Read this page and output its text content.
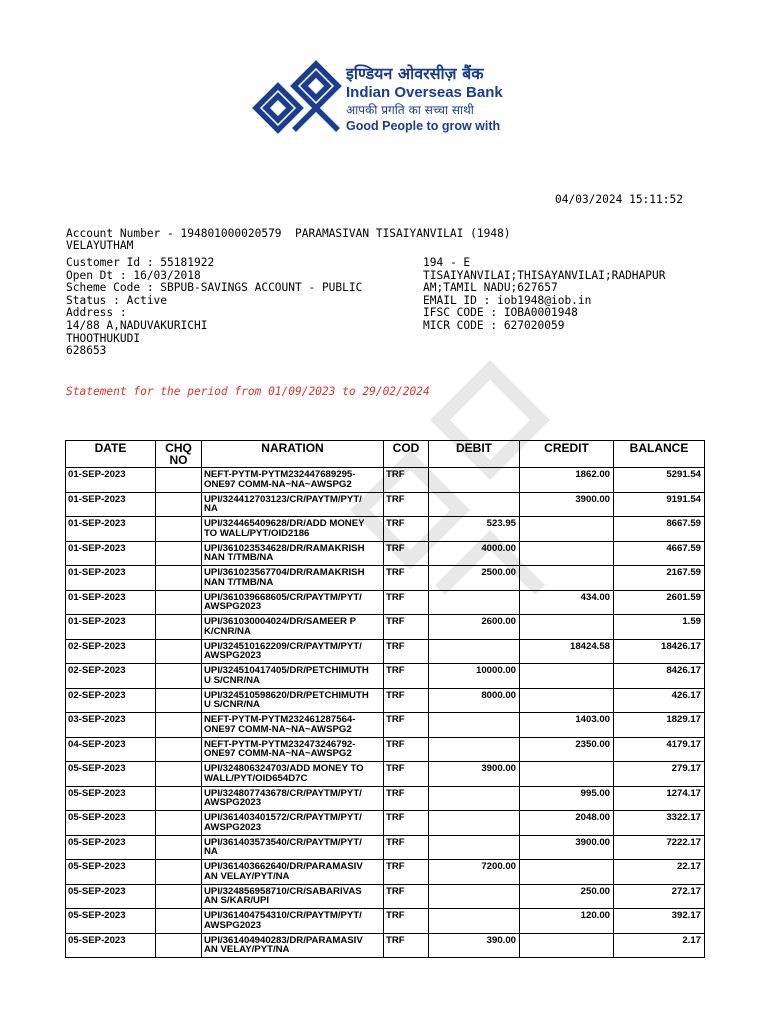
इण्डियन ओवरसीज़ बैंक
Indian Overseas Bank
आपकी प्रगति का सच्चा साथी
Good People to grow with
04/03/2024 15:11:52
Account Number - 194801000020579  PARAMASIVAN TISAIYANVILAI (1948)
VELAYUTHAM
Customer Id : 55181922
Open Dt : 16/03/2018
Scheme Code : SBPUB-SAVINGS ACCOUNT - PUBLIC
Status : Active
Address :
14/88 A,NADUVAKURICHI
THOOTHUKUDI
628653
194 - E
TISAIYANVILAI;THISAYANVILAI;RADHAPUR
AM;TAMIL NADU;627657
EMAIL ID : iob1948@iob.in
IFSC CODE : IOBA0001948
MICR CODE : 627020059
Statement for the period from 01/09/2023 to 29/02/2024
DATE	CHQ
NO	NARATION	COD	DEBIT	CREDIT	BALANCE
01-SEP-2023		NEFT-PYTM-PYTM232447689295-
ONE97 COMM-NA~NA~AWSPG2	TRF		1862.00	5291.54
01-SEP-2023		UPI/324412703123/CR/PAYTM/PYT/
NA	TRF		3900.00	9191.54
01-SEP-2023		UPI/324465409628/DR/ADD MONEY
TO WALL/PYT/OID2186	TRF	523.95		8667.59
01-SEP-2023		UPI/361023534628/DR/RAMAKRISH
NAN T/TMB/NA	TRF	4000.00		4667.59
01-SEP-2023		UPI/361023567704/DR/RAMAKRISH
NAN T/TMB/NA	TRF	2500.00		2167.59
01-SEP-2023		UPI/361039668605/CR/PAYTM/PYT/
AWSPG2023	TRF		434.00	2601.59
01-SEP-2023		UPI/361030004024/DR/SAMEER P
K/CNR/NA	TRF	2600.00		1.59
02-SEP-2023		UPI/324510162209/CR/PAYTM/PYT/
AWSPG2023	TRF		18424.58	18426.17
02-SEP-2023		UPI/324510417405/DR/PETCHIMUTH
U S/CNR/NA	TRF	10000.00		8426.17
02-SEP-2023		UPI/324510598620/DR/PETCHIMUTH
U S/CNR/NA	TRF	8000.00		426.17
03-SEP-2023		NEFT-PYTM-PYTM232461287564-
ONE97 COMM-NA~NA~AWSPG2	TRF		1403.00	1829.17
04-SEP-2023		NEFT-PYTM-PYTM232473246792-
ONE97 COMM-NA~NA~AWSPG2	TRF		2350.00	4179.17
05-SEP-2023		UPI/324806324703/ADD MONEY TO
WALL/PYT/OID654D7C	TRF	3900.00		279.17
05-SEP-2023		UPI/324807743678/CR/PAYTM/PYT/
AWSPG2023	TRF		995.00	1274.17
05-SEP-2023		UPI/361403401572/CR/PAYTM/PYT/
AWSPG2023	TRF		2048.00	3322.17
05-SEP-2023		UPI/361403573540/CR/PAYTM/PYT/
NA	TRF		3900.00	7222.17
05-SEP-2023		UPI/361403662640/DR/PARAMASIV
AN VELAY/PYT/NA	TRF	7200.00		22.17
05-SEP-2023		UPI/324856958710/CR/SABARIVAS
AN S/KAR/UPI	TRF		250.00	272.17
05-SEP-2023		UPI/361404754310/CR/PAYTM/PYT/
AWSPG2023	TRF		120.00	392.17
05-SEP-2023		UPI/361404940283/DR/PARAMASIV
AN VELAY/PYT/NA	TRF	390.00		2.17
